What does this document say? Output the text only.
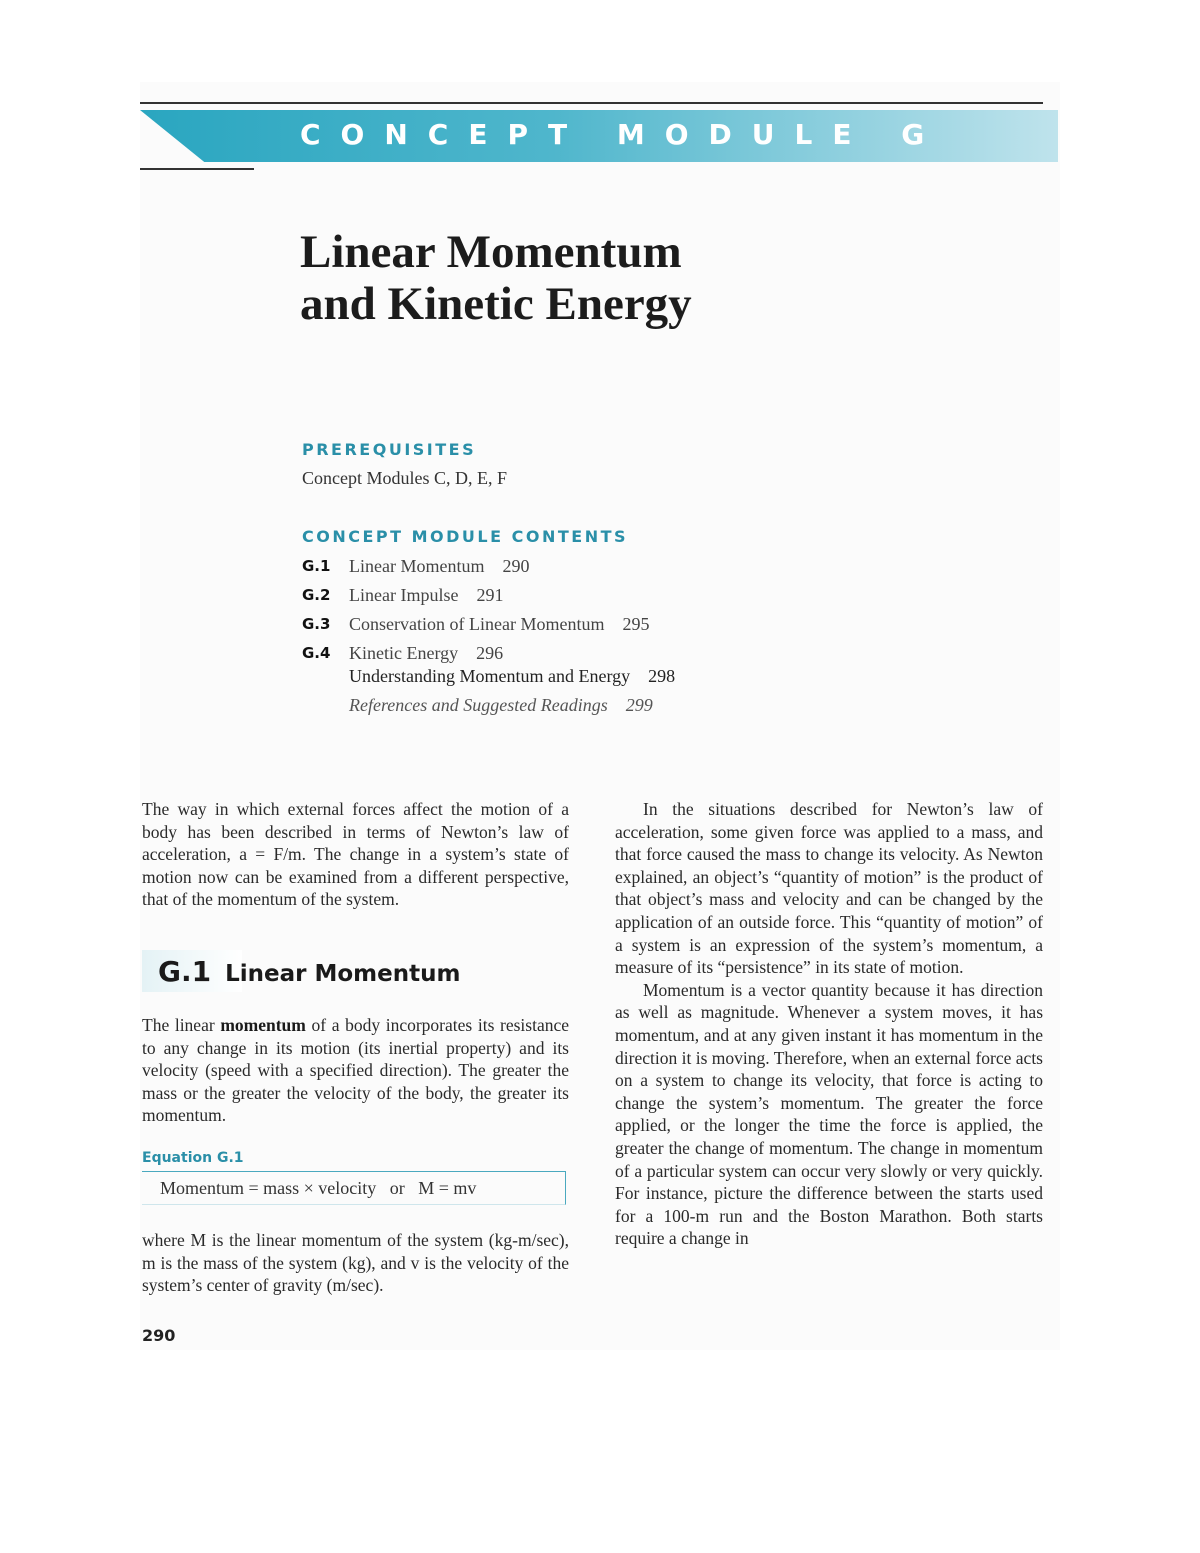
CONCEPT MODULE G
Linear Momentum
and Kinetic Energy
PREREQUISITES
Concept Modules C, D, E, F
CONCEPT MODULE CONTENTS
G.1 Linear Momentum 290
G.2 Linear Impulse 291
G.3 Conservation of Linear Momentum 295
G.4 Kinetic Energy 296
Understanding Momentum and Energy 298
References and Suggested Readings 299

The way in which external forces affect the motion of a body has been described in terms of Newton’s law of acceleration, a = F/m. The change in a system’s state of motion now can be examined from a different perspective, that of the momentum of the system.

G.1 Linear Momentum

The linear momentum of a body incorporates its resistance to any change in its motion (its inertial property) and its velocity (speed with a specified direction). The greater the mass or the greater the velocity of the body, the greater its momentum.

Equation G.1
Momentum = mass × velocity   or   M = mv

where M is the linear momentum of the system (kg-m/sec), m is the mass of the system (kg), and v is the velocity of the system’s center of gravity (m/sec).

In the situations described for Newton’s law of acceleration, some given force was applied to a mass, and that force caused the mass to change its velocity. As Newton explained, an object’s “quantity of motion” is the product of that object’s mass and velocity and can be changed by the application of an outside force. This “quantity of motion” of a system is an expression of the system’s momentum, a measure of its “persistence” in its state of motion.

Momentum is a vector quantity because it has direction as well as magnitude. Whenever a system moves, it has momentum, and at any given instant it has momentum in the direction it is moving. Therefore, when an external force acts on a system to change its velocity, that force is acting to change the system’s momentum. The greater the force applied, or the longer the time the force is applied, the greater the change of momentum. The change in momentum of a particular system can occur very slowly or very quickly. For instance, picture the difference between the starts used for a 100-m run and the Boston Marathon. Both starts require a change in

290
